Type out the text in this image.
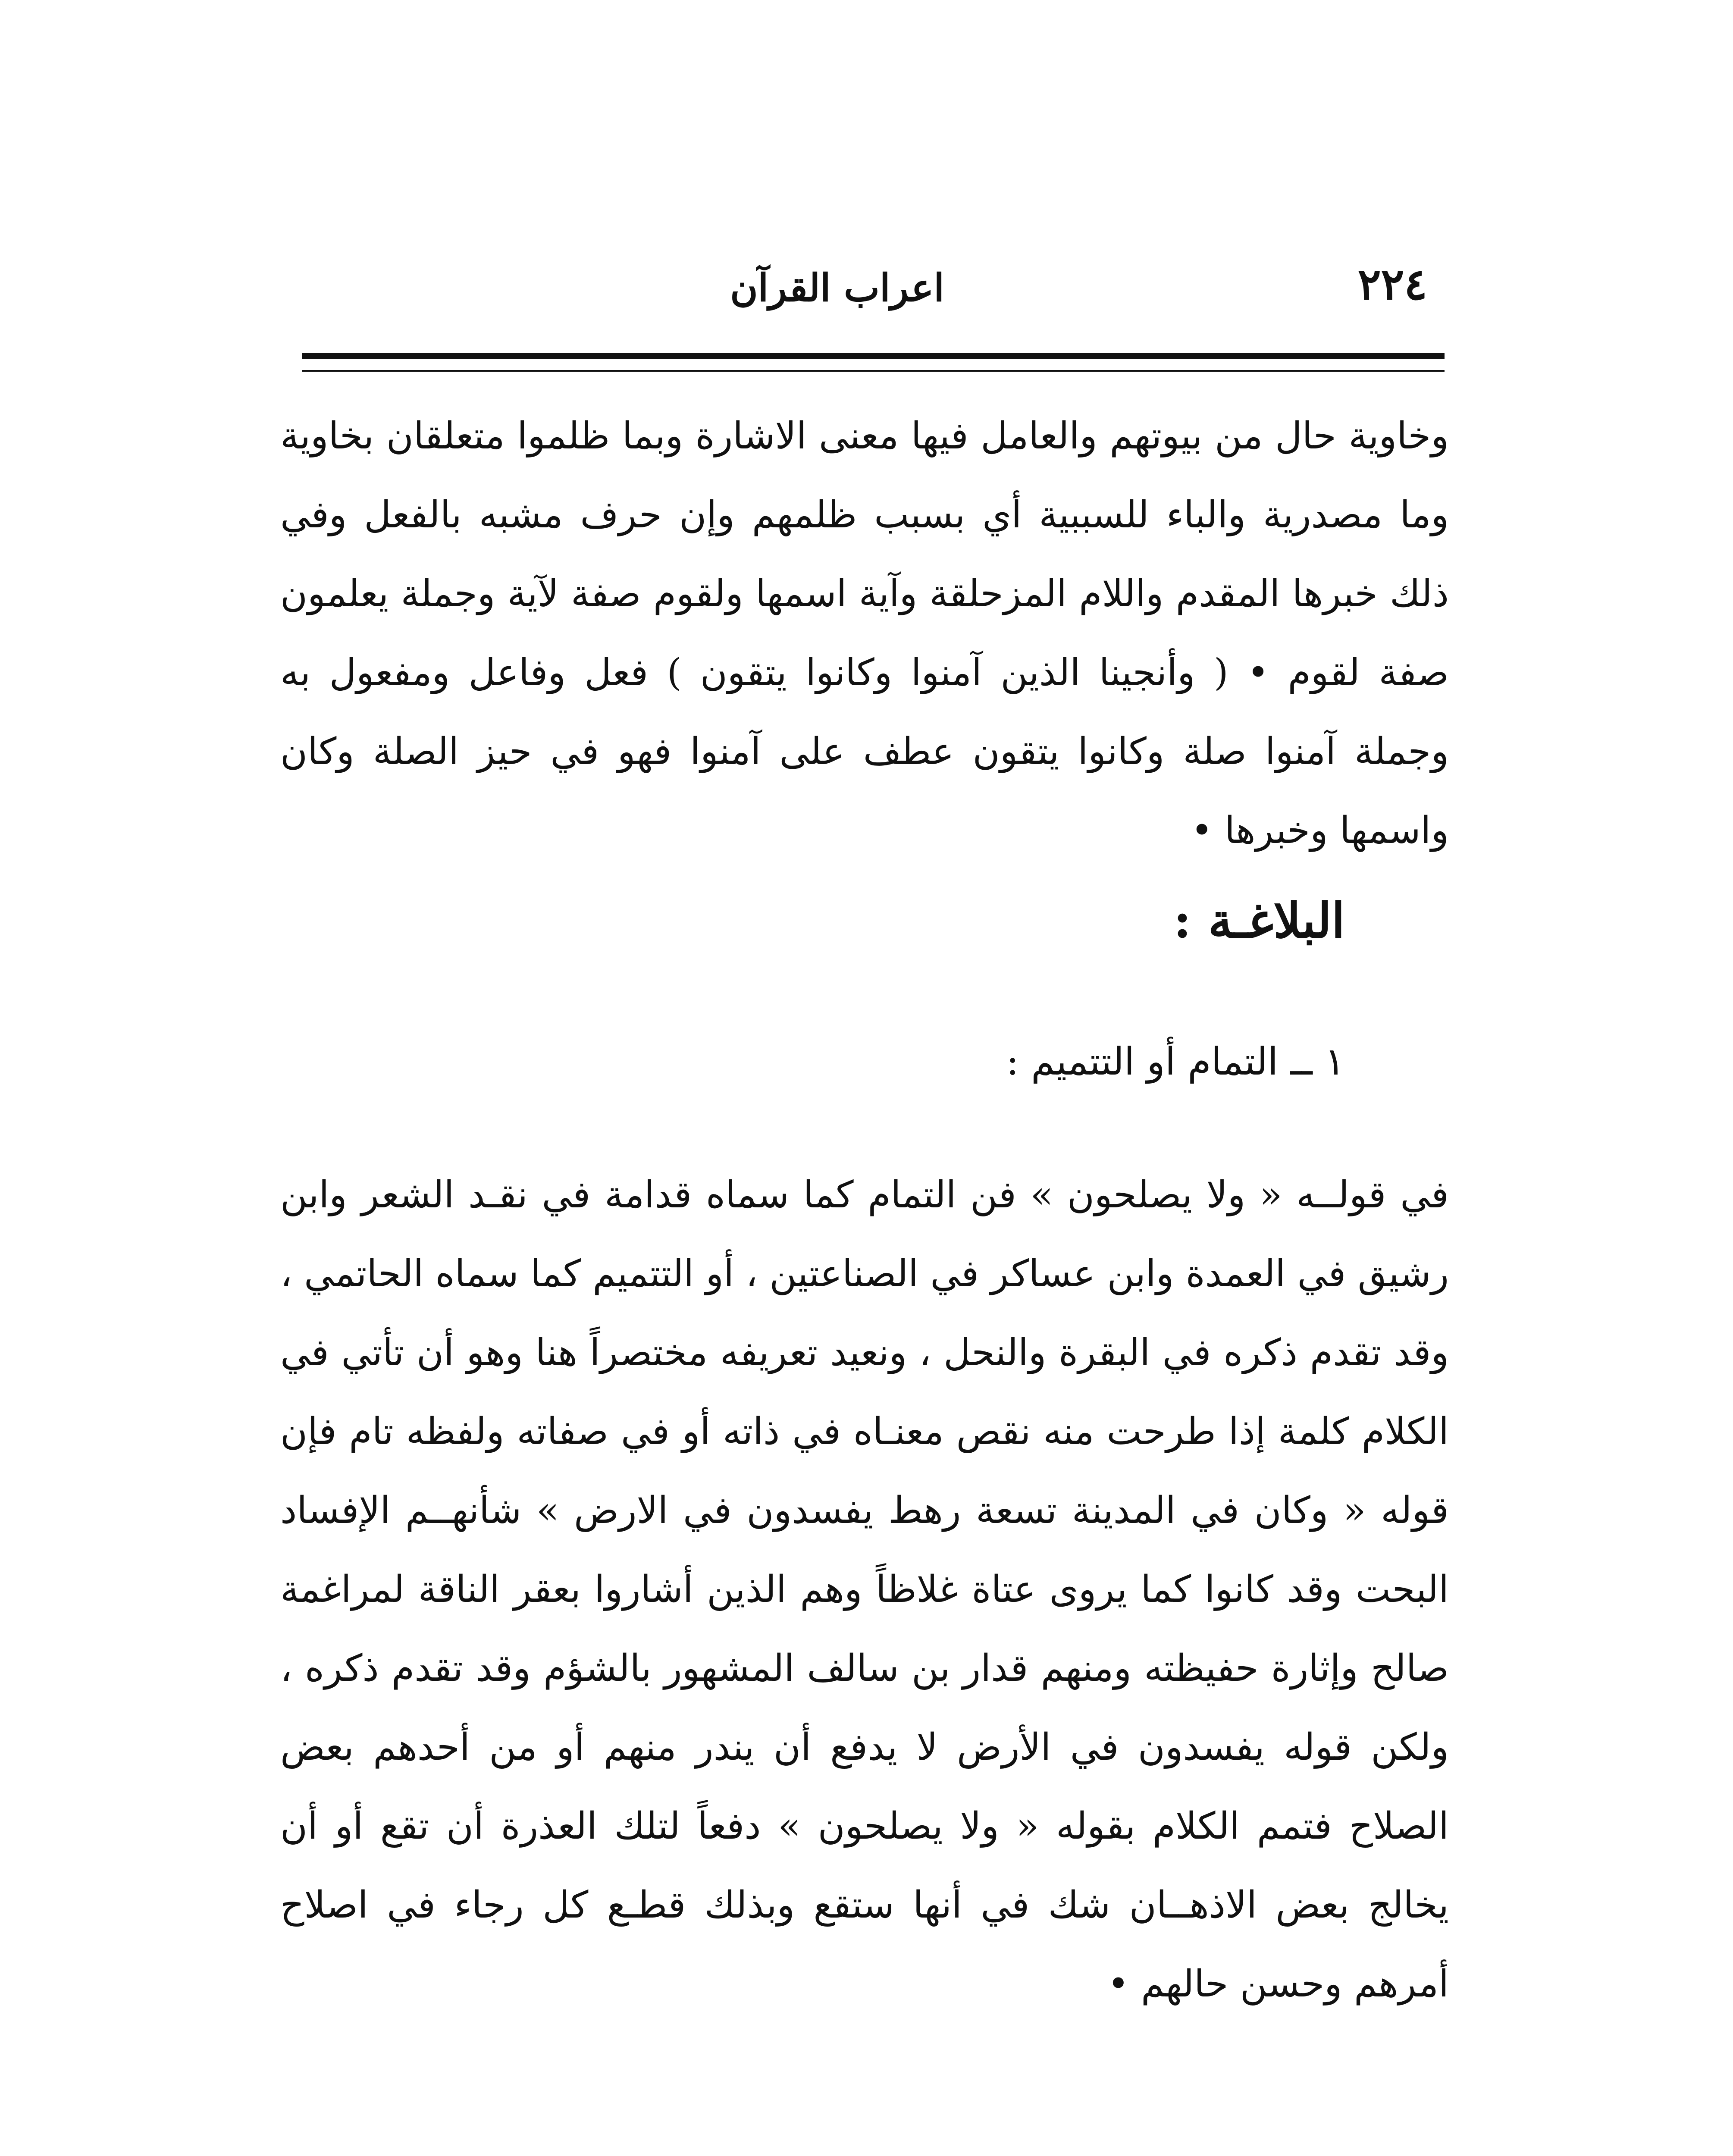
٢٢٤
اعراب القرآن

وخاوية حال من بيوتهم والعامل فيها معنى الاشارة وبما ظلموا متعلقان بخاوية وما مصدرية والباء للسببية أي بسبب ظلمهم وإن حرف مشبه بالفعل وفي ذلك خبرها المقدم واللام المزحلقة وآية اسمها ولقوم صفة لآية وجملة يعلمون صفة لقوم • ( وأنجينا الذين آمنوا وكانوا يتقون ) فعل وفاعل ومفعول به وجملة آمنوا صلة وكانوا يتقون عطف على آمنوا فهو في حيز الصلة وكان واسمها وخبرها •

البلاغـة :
١ ــ التمام أو التتميم :

في قولــه « ولا يصلحون » فن التمام كما سماه قدامة في نقـد الشعر وابن رشيق في العمدة وابن عساكر في الصناعتين ، أو التتميم كما سماه الحاتمي ، وقد تقدم ذكره في البقرة والنحل ، ونعيد تعريفه مختصراً هنا وهو أن تأتي في الكلام كلمة إذا طرحت منه نقص معنـاه في ذاته أو في صفاته ولفظه تام فإن قوله « وكان في المدينة تسعة رهط يفسدون في الارض » شأنهــم الإفساد البحت وقد كانوا كما يروى عتاة غلاظاً وهم الذين أشاروا بعقر الناقة لمراغمة صالح وإثارة حفيظته ومنهم قدار بن سالف المشهور بالشؤم وقد تقدم ذكره ، ولكن قوله يفسدون في الأرض لا يدفع أن يندر منهم أو من أحدهم بعض الصلاح فتمم الكلام بقوله « ولا يصلحون » دفعاً لتلك العذرة أن تقع أو أن يخالج بعض الاذهــان شك في أنها ستقع وبذلك قطـع كل رجاء في اصلاح أمرهم وحسن حالهم •
